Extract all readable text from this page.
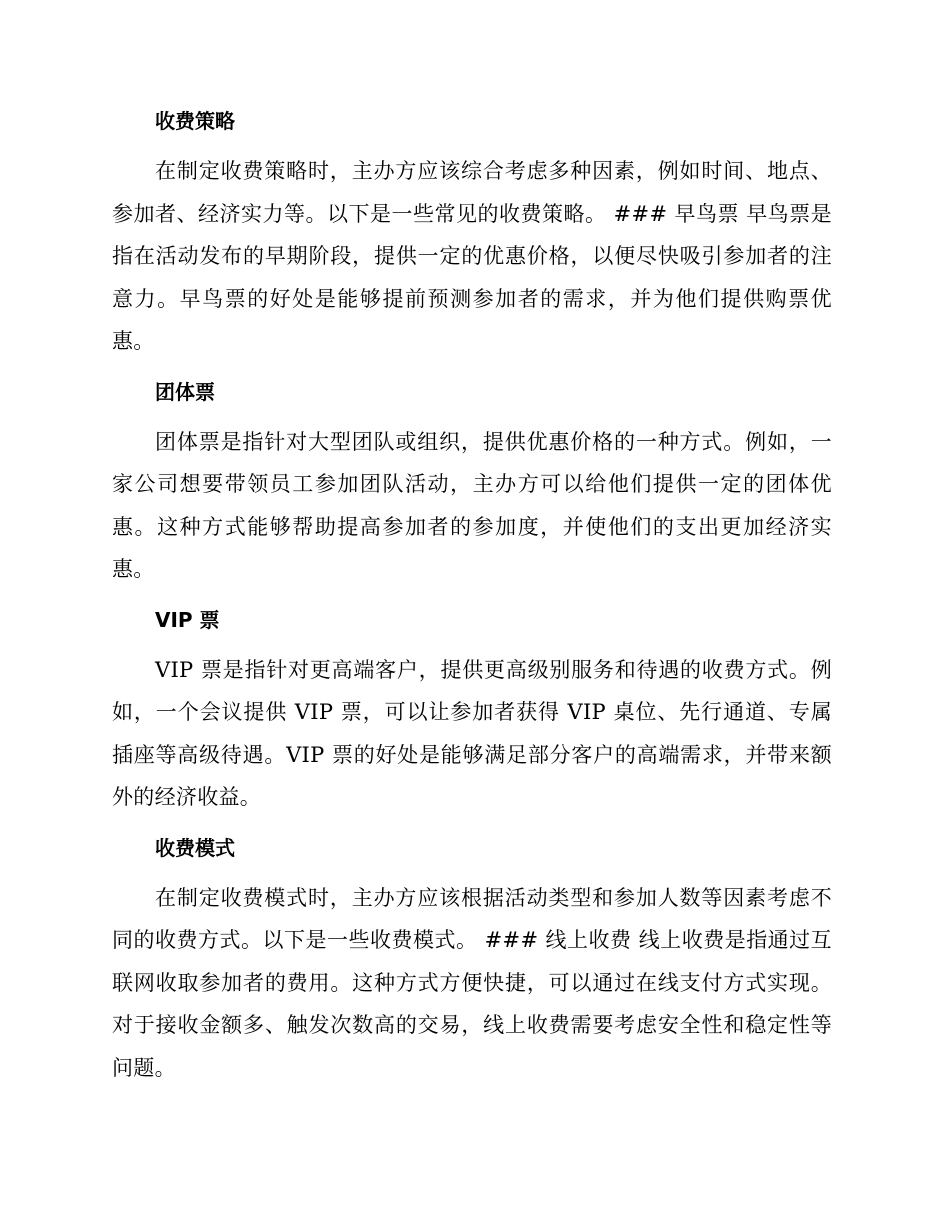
收费策略

在制定收费策略时，主办方应该综合考虑多种因素，例如时间、地点、参加者、经济实力等。以下是一些常见的收费策略。 ### 早鸟票 早鸟票是指在活动发布的早期阶段，提供一定的优惠价格，以便尽快吸引参加者的注意力。早鸟票的好处是能够提前预测参加者的需求，并为他们提供购票优惠。

团体票

团体票是指针对大型团队或组织，提供优惠价格的一种方式。例如，一家公司想要带领员工参加团队活动，主办方可以给他们提供一定的团体优惠。这种方式能够帮助提高参加者的参加度，并使他们的支出更加经济实惠。

VIP 票

VIP 票是指针对更高端客户，提供更高级别服务和待遇的收费方式。例如，一个会议提供 VIP 票，可以让参加者获得 VIP 桌位、先行通道、专属插座等高级待遇。VIP 票的好处是能够满足部分客户的高端需求，并带来额外的经济收益。

收费模式

在制定收费模式时，主办方应该根据活动类型和参加人数等因素考虑不同的收费方式。以下是一些收费模式。 ### 线上收费 线上收费是指通过互联网收取参加者的费用。这种方式方便快捷，可以通过在线支付方式实现。对于接收金额多、触发次数高的交易，线上收费需要考虑安全性和稳定性等问题。
